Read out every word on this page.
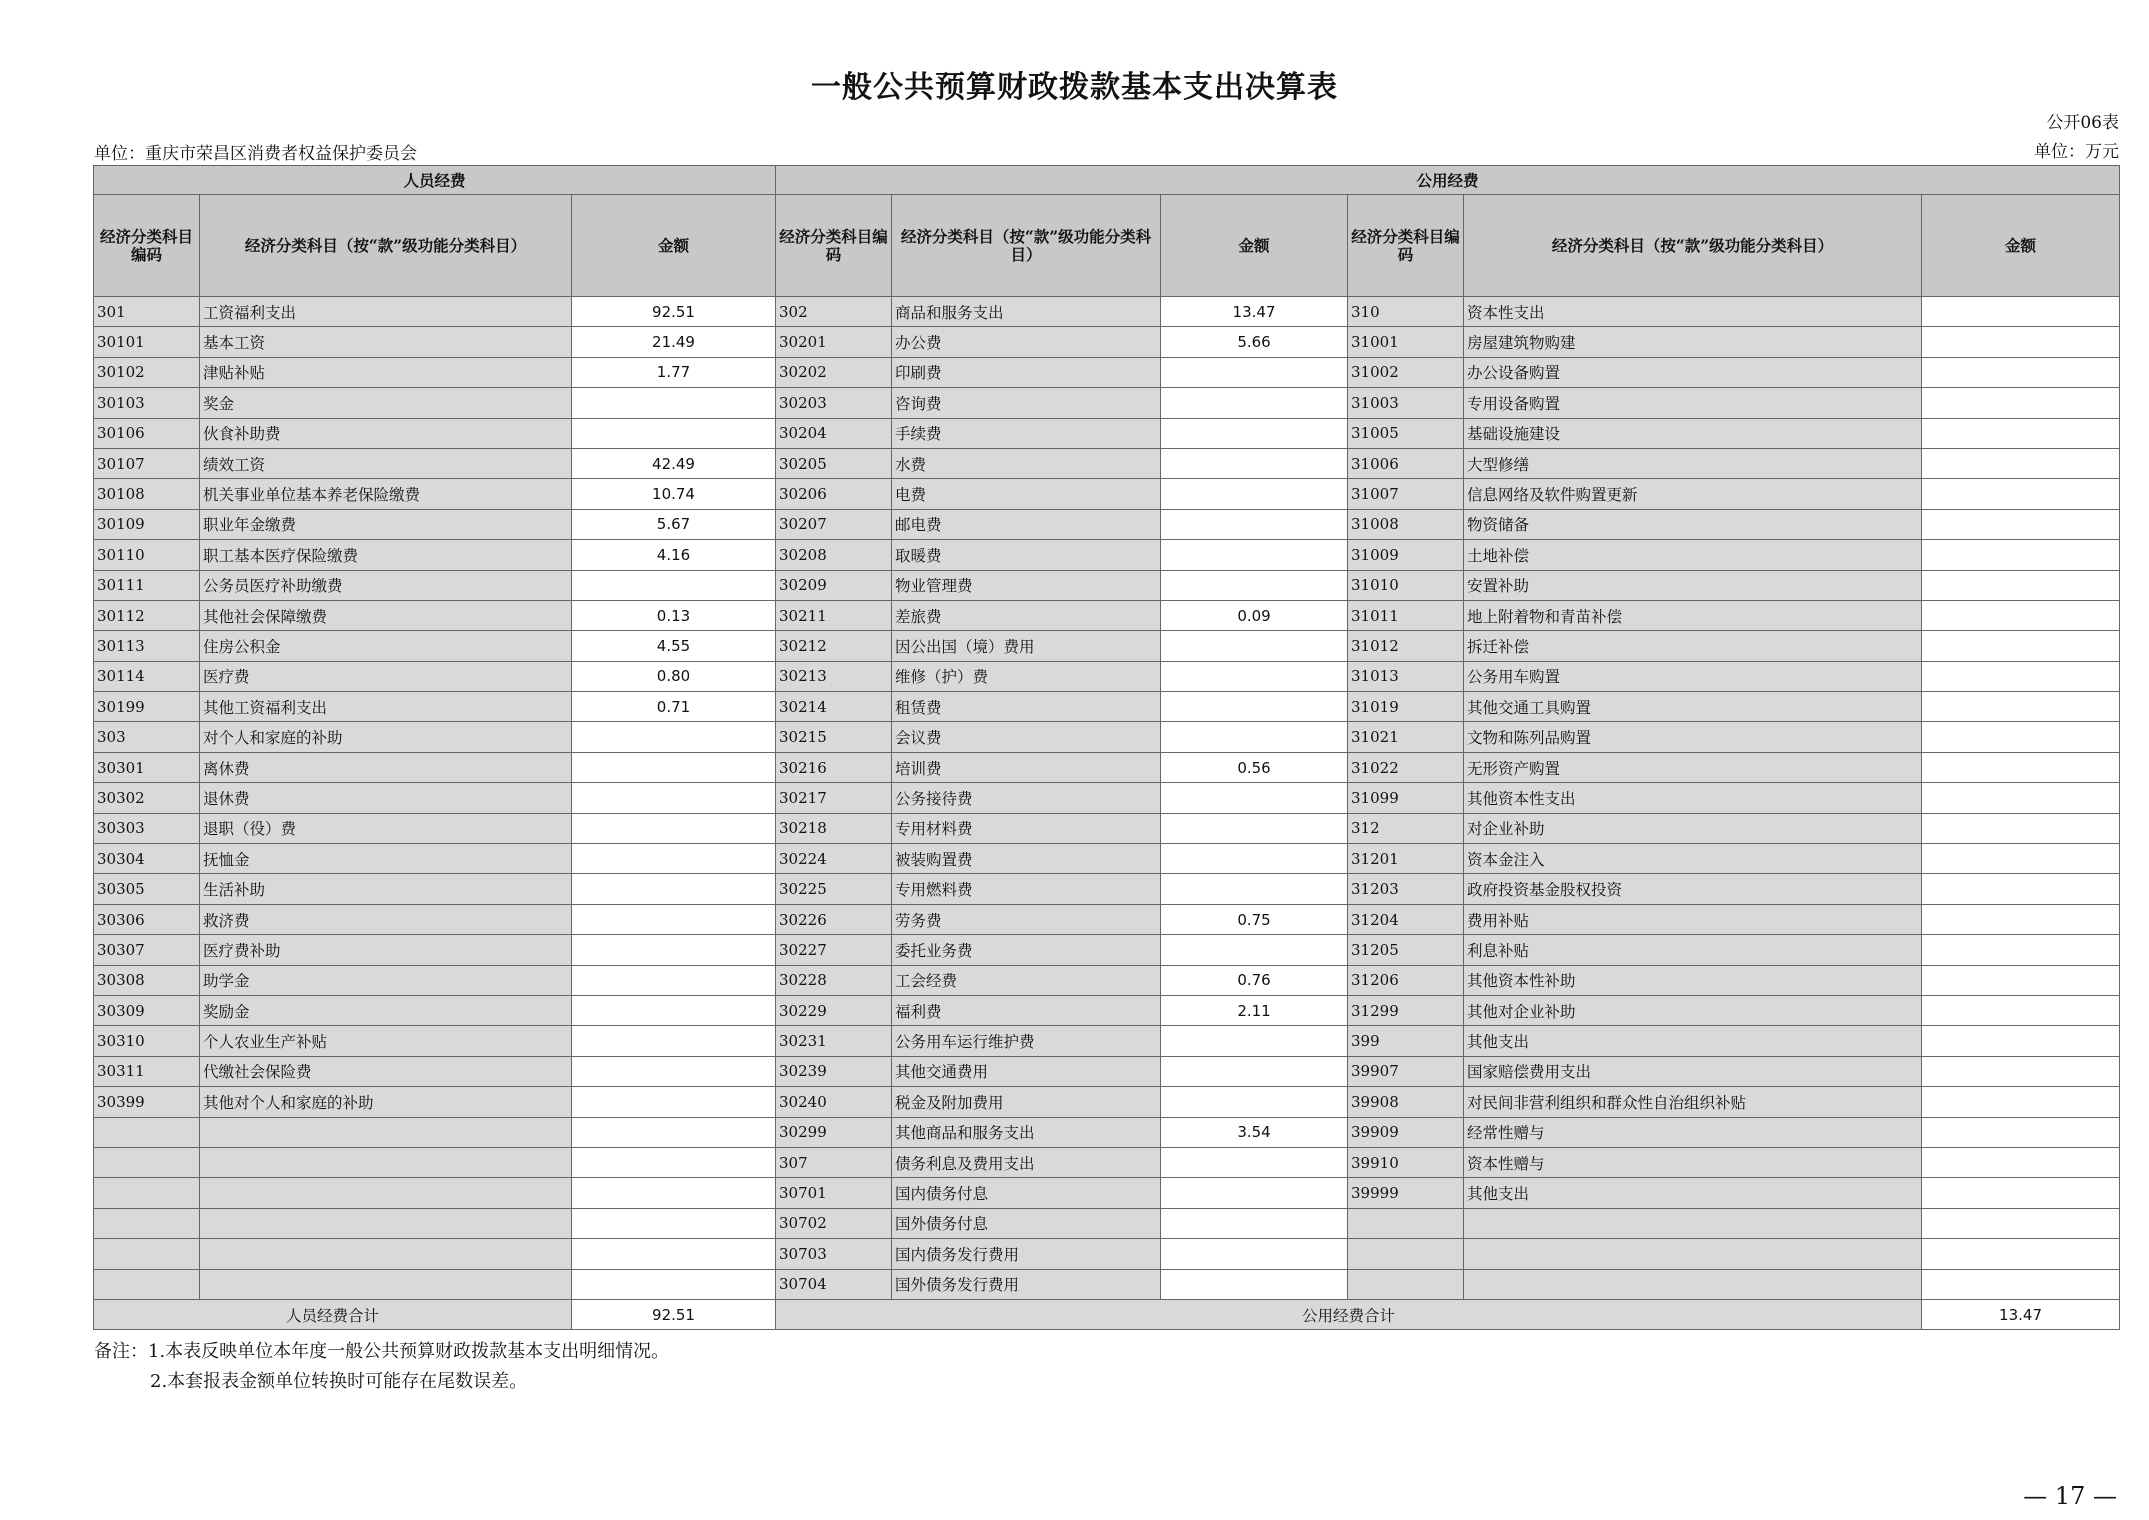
一般公共预算财政拨款基本支出决算表
公开06表
单位：重庆市荣昌区消费者权益保护委员会	单位：万元
人员经费			公用经费					
经济分类科目编码	经济分类科目（按“款”级功能分类科目）	金额	经济分类科目编码	经济分类科目（按“款”级功能分类科目）	金额	经济分类科目编码	经济分类科目（按“款”级功能分类科目）	金额
301	工资福利支出	92.51	302	商品和服务支出	13.47	310	资本性支出	
30101	基本工资	21.49	30201	办公费	5.66	31001	房屋建筑物购建	
30102	津贴补贴	1.77	30202	印刷费		31002	办公设备购置	
30103	奖金		30203	咨询费		31003	专用设备购置	
30106	伙食补助费		30204	手续费		31005	基础设施建设	
30107	绩效工资	42.49	30205	水费		31006	大型修缮	
30108	机关事业单位基本养老保险缴费	10.74	30206	电费		31007	信息网络及软件购置更新	
30109	职业年金缴费	5.67	30207	邮电费		31008	物资储备	
30110	职工基本医疗保险缴费	4.16	30208	取暖费		31009	土地补偿	
30111	公务员医疗补助缴费		30209	物业管理费		31010	安置补助	
30112	其他社会保障缴费	0.13	30211	差旅费	0.09	31011	地上附着物和青苗补偿	
30113	住房公积金	4.55	30212	因公出国（境）费用		31012	拆迁补偿	
30114	医疗费	0.80	30213	维修（护）费		31013	公务用车购置	
30199	其他工资福利支出	0.71	30214	租赁费		31019	其他交通工具购置	
303	对个人和家庭的补助		30215	会议费		31021	文物和陈列品购置	
30301	离休费		30216	培训费	0.56	31022	无形资产购置	
30302	退休费		30217	公务接待费		31099	其他资本性支出	
30303	退职（役）费		30218	专用材料费		312	对企业补助	
30304	抚恤金		30224	被装购置费		31201	资本金注入	
30305	生活补助		30225	专用燃料费		31203	政府投资基金股权投资	
30306	救济费		30226	劳务费	0.75	31204	费用补贴	
30307	医疗费补助		30227	委托业务费		31205	利息补贴	
30308	助学金		30228	工会经费	0.76	31206	其他资本性补助	
30309	奖励金		30229	福利费	2.11	31299	其他对企业补助	
30310	个人农业生产补贴		30231	公务用车运行维护费		399	其他支出	
30311	代缴社会保险费		30239	其他交通费用		39907	国家赔偿费用支出	
30399	其他对个人和家庭的补助		30240	税金及附加费用		39908	对民间非营利组织和群众性自治组织补贴	
			30299	其他商品和服务支出	3.54	39909	经常性赠与	
			307	债务利息及费用支出		39910	资本性赠与	
			30701	国内债务付息		39999	其他支出	
			30702	国外债务付息				
			30703	国内债务发行费用				
			30704	国外债务发行费用				
人员经费合计		92.51	公用经费合计					13.47
备注：1.本表反映单位本年度一般公共预算财政拨款基本支出明细情况。
2.本套报表金额单位转换时可能存在尾数误差。
— 17 —
